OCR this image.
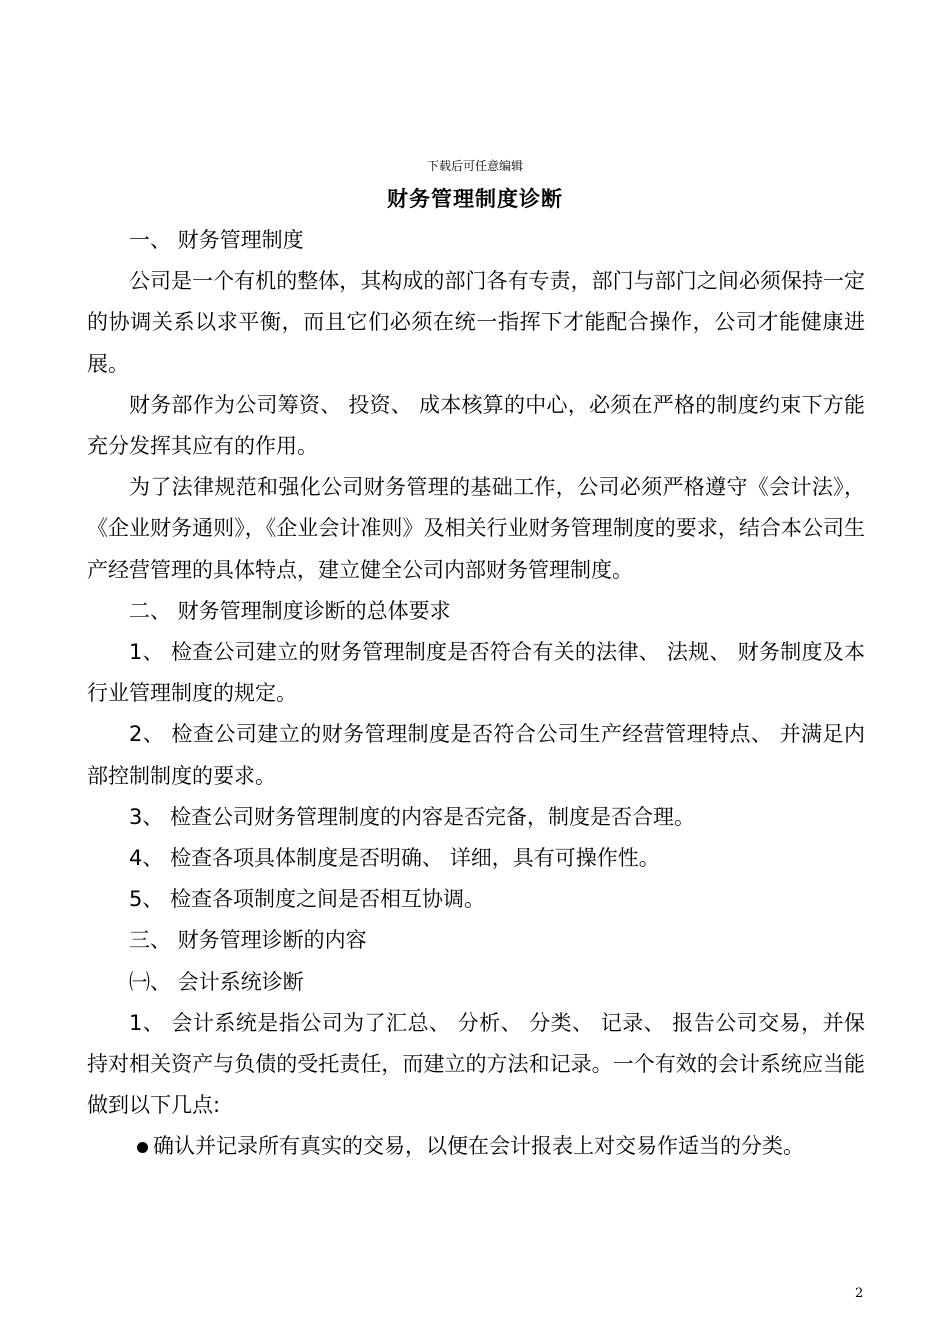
下载后可任意编辑
财务管理制度诊断

一、 财务管理制度

公司是一个有机的整体，其构成的部门各有专责，部门与部门之间必须保持一定的协调关系以求平衡，而且它们必须在统一指挥下才能配合操作，公司才能健康进展。

财务部作为公司筹资、 投资、 成本核算的中心，必须在严格的制度约束下方能充分发挥其应有的作用。

为了法律规范和强化公司财务管理的基础工作，公司必须严格遵守《会计法》，《企业财务通则》，《企业会计准则》及相关行业财务管理制度的要求，结合本公司生产经营管理的具体特点，建立健全公司内部财务管理制度。

二、 财务管理制度诊断的总体要求

1、 检查公司建立的财务管理制度是否符合有关的法律、 法规、 财务制度及本行业管理制度的规定。

2、 检查公司建立的财务管理制度是否符合公司生产经营管理特点、 并满足内部控制制度的要求。

3、 检查公司财务管理制度的内容是否完备，制度是否合理。

4、 检查各项具体制度是否明确、 详细，具有可操作性。

5、 检查各项制度之间是否相互协调。

三、 财务管理诊断的内容

㈠、 会计系统诊断

1、 会计系统是指公司为了汇总、 分析、 分类、 记录、 报告公司交易，并保持对相关资产与负债的受托责任，而建立的方法和记录。一个有效的会计系统应当能做到以下几点:

确认并记录所有真实的交易，以便在会计报表上对交易作适当的分类。
2
